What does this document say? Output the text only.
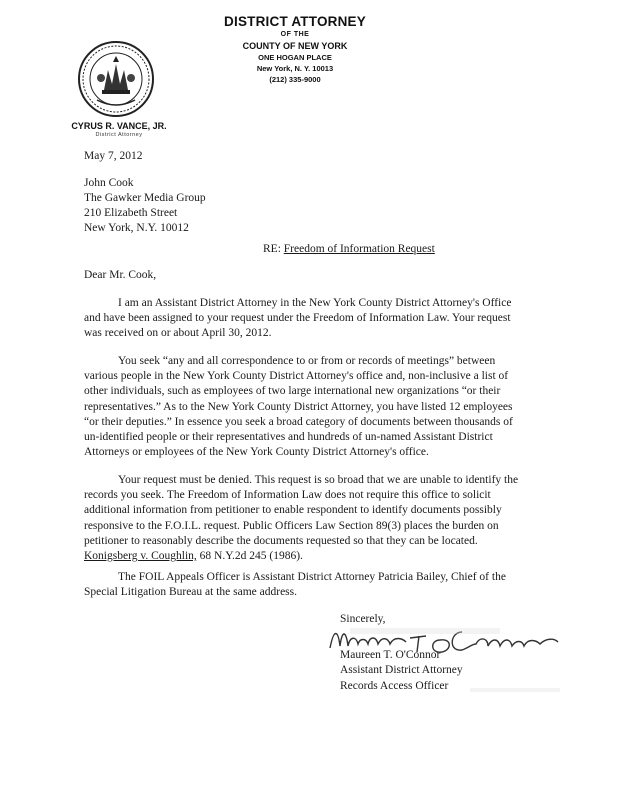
DISTRICT ATTORNEY
OF THE
COUNTY OF NEW YORK
ONE HOGAN PLACE
New York, N. Y. 10013
(212) 335-9000
CYRUS R. VANCE, JR.
District Attorney
May 7, 2012
John Cook
The Gawker Media Group
210 Elizabeth Street
New York, N.Y. 10012
RE: Freedom of Information Request
Dear Mr. Cook,
I am an Assistant District Attorney in the New York County District Attorney's Office and have been assigned to your request under the Freedom of Information Law. Your request was received on or about April 30, 2012.
You seek “any and all correspondence to or from or records of meetings” between various people in the New York County District Attorney's office and, non-inclusive a list of other individuals, such as employees of two large international new organizations “or their representatives.” As to the New York County District Attorney, you have listed 12 employees “or their deputies.” In essence you seek a broad category of documents between thousands of un-identified people or their representatives and hundreds of un-named Assistant District Attorneys or employees of the New York County District Attorney's office.
Your request must be denied. This request is so broad that we are unable to identify the records you seek. The Freedom of Information Law does not require this office to solicit additional information from petitioner to enable respondent to identify documents possibly responsive to the F.O.I.L. request. Public Officers Law Section 89(3) places the burden on petitioner to reasonably describe the documents requested so that they can be located. Konigsberg v. Coughlin, 68 N.Y.2d 245 (1986).
The FOIL Appeals Officer is Assistant District Attorney Patricia Bailey, Chief of the Special Litigation Bureau at the same address.
Sincerely,
Maureen T. O'Connor
Assistant District Attorney
Records Access Officer
